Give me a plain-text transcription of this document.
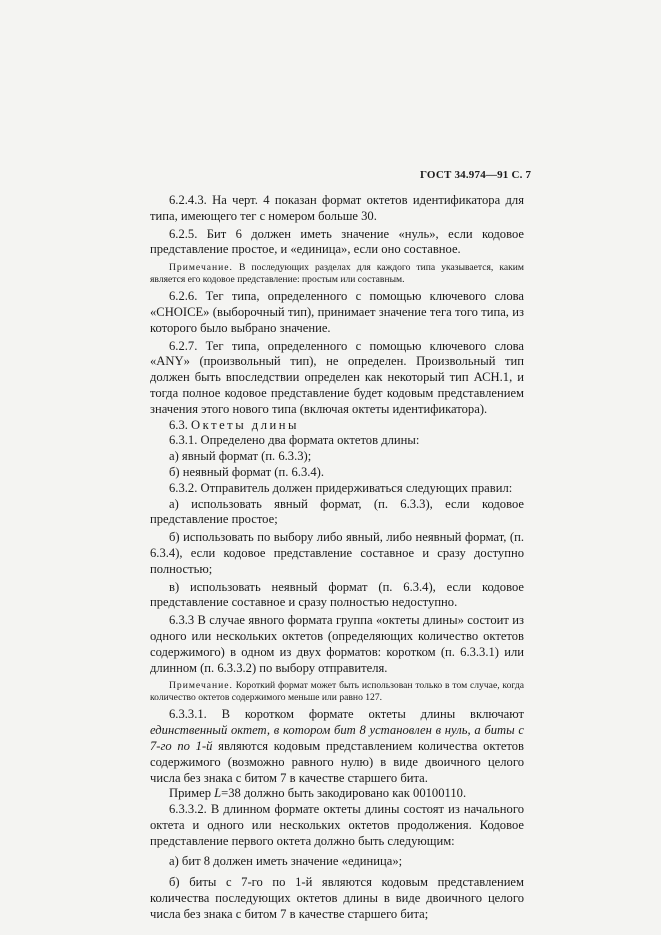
ГОСТ 34.974—91 С. 7

6.2.4.3. На черт. 4 показан формат октетов идентификатора для типа, имеющего тег с номером больше 30.

6.2.5. Бит 6 должен иметь значение «нуль», если кодовое представление простое, и «единица», если оно составное.

Примечание. В последующих разделах для каждого типа указывается, каким является его кодовое представление: простым или составным.

6.2.6. Тег типа, определенного с помощью ключевого слова «CHOICE» (выборочный тип), принимает значение тега того типа, из которого было выбрано значение.

6.2.7. Тег типа, определенного с помощью ключевого слова «ANY» (произвольный тип), не определен. Произвольный тип должен быть впоследствии определен как некоторый тип АСН.1, и тогда полное кодовое представление будет кодовым представлением значения этого нового типа (включая октеты идентификатора).

6.3. Октеты длины

6.3.1. Определено два формата октетов длины:

а) явный формат (п. 6.3.3);

б) неявный формат (п. 6.3.4).

6.3.2. Отправитель должен придерживаться следующих правил:

а) использовать явный формат, (п. 6.3.3), если кодовое представление простое;

б) использовать по выбору либо явный, либо неявный формат, (п. 6.3.4), если кодовое представление составное и сразу доступно полностью;

в) использовать неявный формат (п. 6.3.4), если кодовое представление составное и сразу полностью недоступно.

6.3.3 В случае явного формата группа «октеты длины» состоит из одного или нескольких октетов (определяющих количество октетов содержимого) в одном из двух форматов: коротком (п. 6.3.3.1) или длинном (п. 6.3.3.2) по выбору отправителя.

Примечание. Короткий формат может быть использован только в том случае, когда количество октетов содержимого меньше или равно 127.

6.3.3.1. В коротком формате октеты длины включают единственный октет, в котором бит 8 установлен в нуль, а биты с 7-го по 1-й являются кодовым представлением количества октетов содержимого (возможно равного нулю) в виде двоичного целого числа без знака с битом 7 в качестве старшего бита.

Пример L=38 должно быть закодировано как 00100110.

6.3.3.2. В длинном формате октеты длины состоят из начального октета и одного или нескольких октетов продолжения. Кодовое представление первого октета должно быть следующим:

а) бит 8 должен иметь значение «единица»;

б) биты с 7-го по 1-й являются кодовым представлением количества последующих октетов длины в виде двоичного целого числа без знака с битом 7 в качестве старшего бита;
